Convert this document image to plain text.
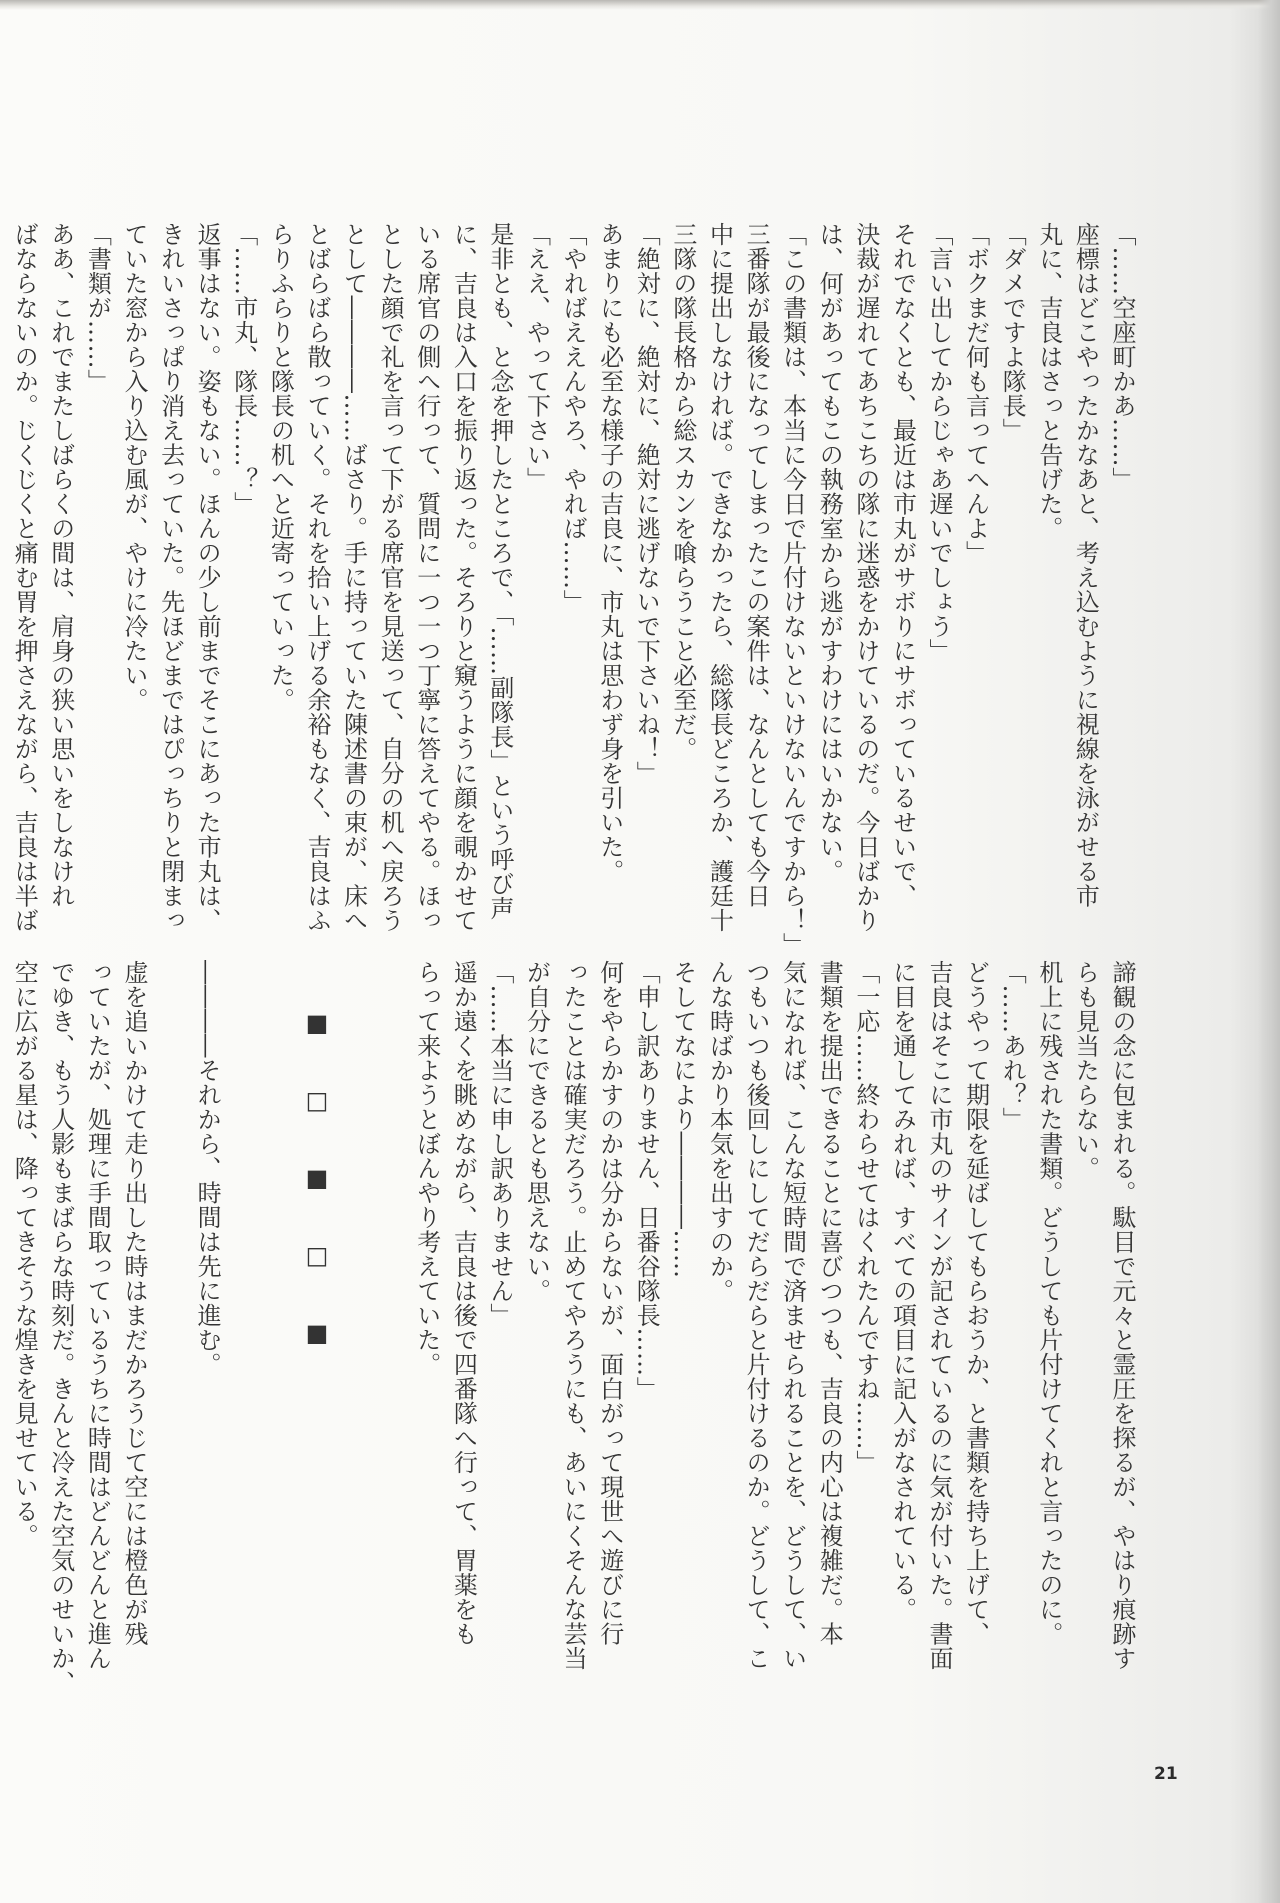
「……空座町かあ……」

座標はどこやったかなあと、考え込むように視線を泳がせる市

丸に、吉良はさっと告げた。

「ダメですよ隊長」

「ボクまだ何も言ってへんよ」

「言い出してからじゃあ遅いでしょう」

それでなくとも、最近は市丸がサボりにサボっているせいで、

決裁が遅れてあちこちの隊に迷惑をかけているのだ。今日ばかり

は、何があってもこの執務室から逃がすわけにはいかない。

「この書類は、本当に今日で片付けないといけないんですから！」

三番隊が最後になってしまったこの案件は、なんとしても今日

中に提出しなければ。できなかったら、総隊長どころか、護廷十

三隊の隊長格から総スカンを喰らうこと必至だ。

「絶対に、絶対に、絶対に逃げないで下さいね！」

あまりにも必至な様子の吉良に、市丸は思わず身を引いた。

「やればええんやろ、やれば……」

「ええ、やって下さい」

是非とも、と念を押したところで、「……副隊長」という呼び声

に、吉良は入口を振り返った。そろりと窺うように顔を覗かせて

いる席官の側へ行って、質問に一つ一つ丁寧に答えてやる。ほっ

とした顔で礼を言って下がる席官を見送って、自分の机へ戻ろう

として――――……ばさり。手に持っていた陳述書の束が、床へ

とばらばら散っていく。それを拾い上げる余裕もなく、吉良はふ

らりふらりと隊長の机へと近寄っていった。

「……市丸、隊長……？」

返事はない。姿もない。ほんの少し前までそこにあった市丸は、

きれいさっぱり消え去っていた。先ほどまではぴっちりと閉まっ

ていた窓から入り込む風が、やけに冷たい。

「書類が……」

ああ、これでまたしばらくの間は、肩身の狭い思いをしなけれ

ばならないのか。じくじくと痛む胃を押さえながら、吉良は半ば

諦観の念に包まれる。駄目で元々と霊圧を探るが、やはり痕跡す

らも見当たらない。

机上に残された書類。どうしても片付けてくれと言ったのに。

「……あれ？」

どうやって期限を延ばしてもらおうか、と書類を持ち上げて、

吉良はそこに市丸のサインが記されているのに気が付いた。書面

に目を通してみれば、すべての項目に記入がなされている。

「一応……終わらせてはくれたんですね……」

書類を提出できることに喜びつつも、吉良の内心は複雑だ。本

気になれば、こんな短時間で済ませられることを、どうして、い

つもいつも後回しにしてだらだらと片付けるのか。どうして、こ

んな時ばかり本気を出すのか。

そしてなにより――――……

「申し訳ありません、日番谷隊長……」

何をやらかすのかは分からないが、面白がって現世へ遊びに行

ったことは確実だろう。止めてやろうにも、あいにくそんな芸当

が自分にできるとも思えない。

「……本当に申し訳ありません」

遥か遠くを眺めながら、吉良は後で四番隊へ行って、胃薬をも

らって来ようとぼんやり考えていた。

　　■　　□　　■　　□　　■

――――それから、時間は先に進む。

虚を追いかけて走り出した時はまだかろうじて空には橙色が残

っていたが、処理に手間取っているうちに時間はどんどんと進ん

でゆき、もう人影もまばらな時刻だ。きんと冷えた空気のせいか、

空に広がる星は、降ってきそうな煌きを見せている。

21
